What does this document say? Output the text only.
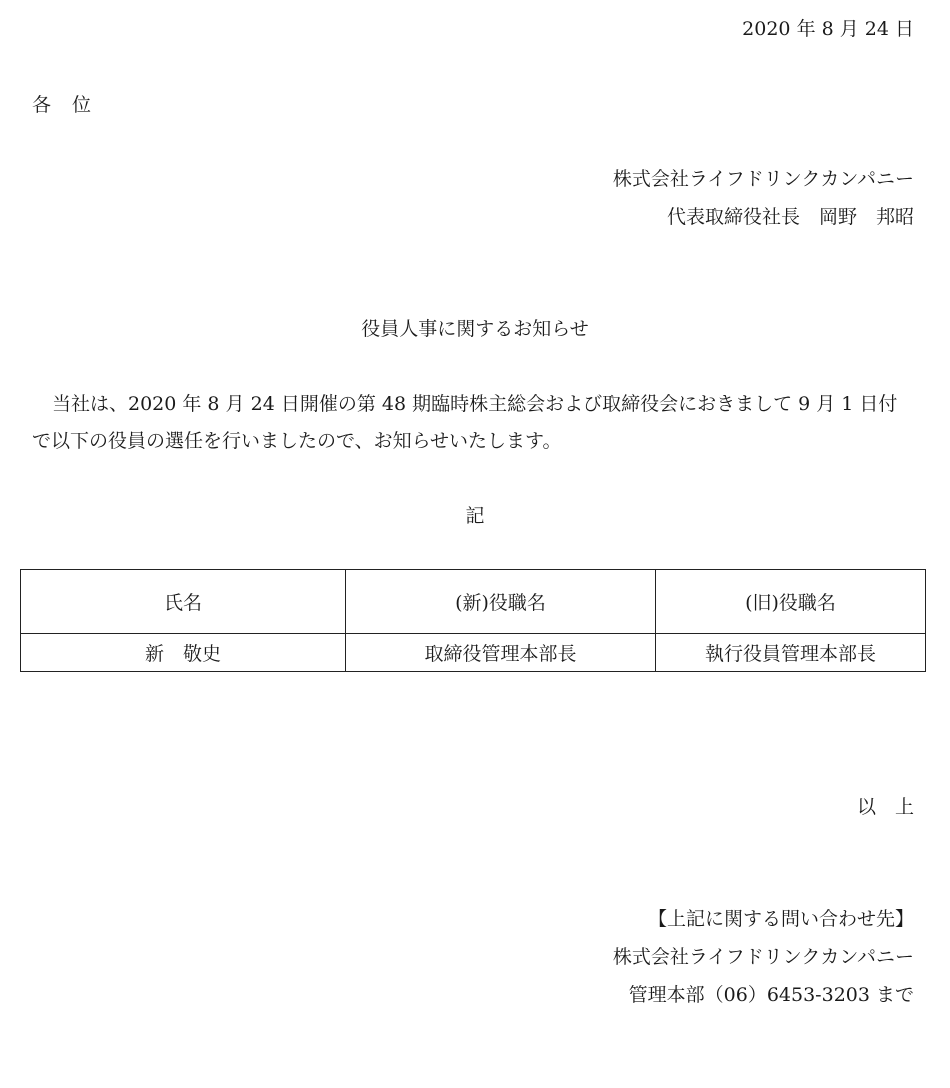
2020 年 8 月 24 日
各　位
株式会社ライフドリンクカンパニー
代表取締役社長　岡野　邦昭
役員人事に関するお知らせ

当社は、2020 年 8 月 24 日開催の第 48 期臨時株主総会および取締役会におきまして 9 月 1 日付で以下の役員の選任を行いましたので、お知らせいたします。

記
氏名	(新)役職名	(旧)役職名
新　敬史	取締役管理本部長	執行役員管理本部長
以　上
【上記に関する問い合わせ先】
株式会社ライフドリンクカンパニー
管理本部（06）6453-3203 まで
